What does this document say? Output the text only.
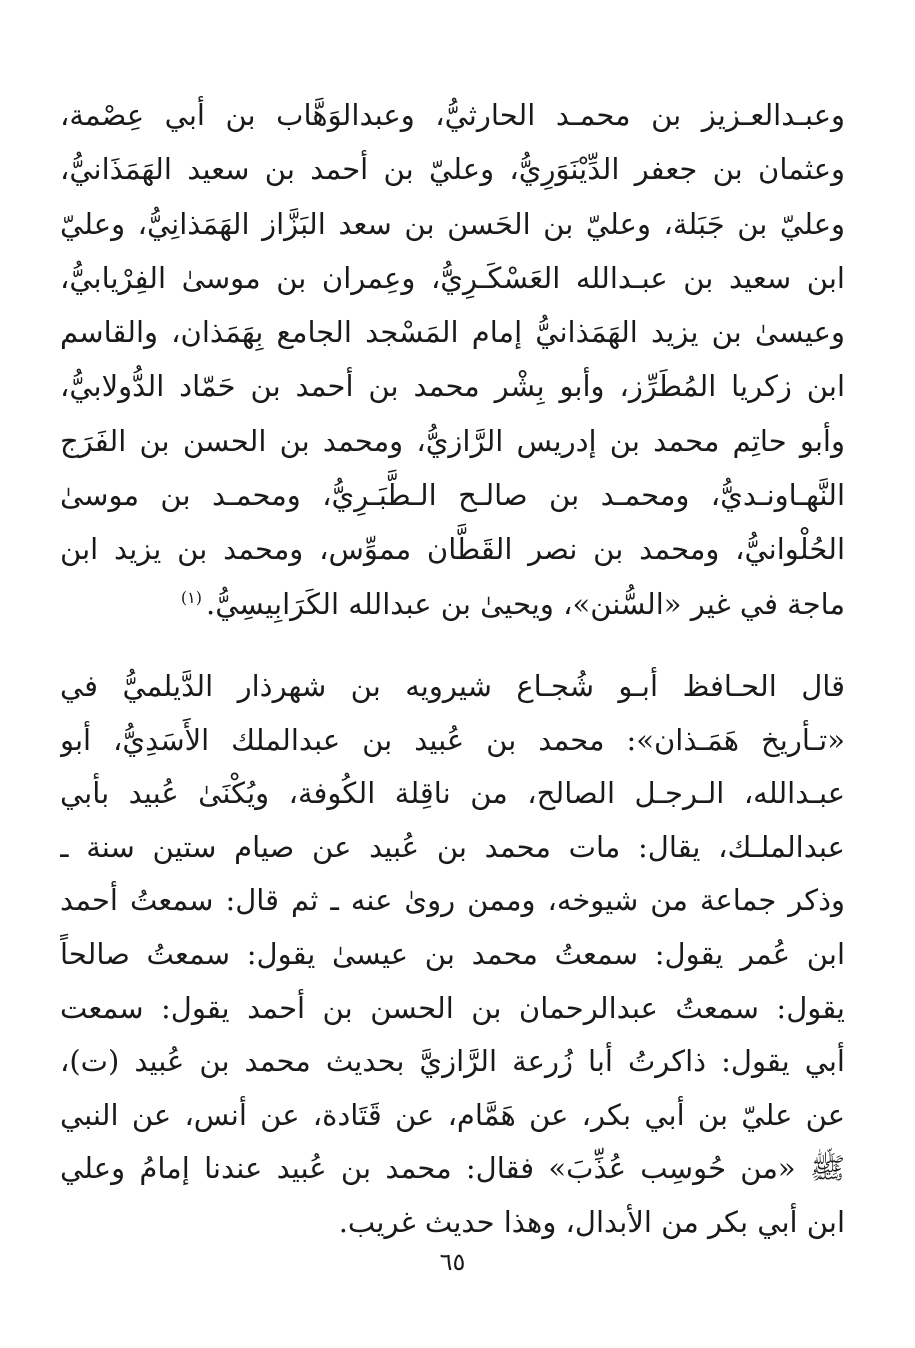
وعبـدالعـزيز بن محمـد الحارثيُّ، وعبدالوَهَّاب بن أبي عِصْمة،
وعثمان بن جعفر الدِّيْنَوَرِيُّ، وعليّ بن أحمد بن سعيد الهَمَذَانيُّ،
وعليّ بن جَبَلة، وعليّ بن الحَسن بن سعد البَزَّاز الهَمَذانِيُّ، وعليّ
ابن سعيد بن عبـدالله العَسْكَـرِيُّ، وعِمران بن موسىٰ الفِرْيابيُّ،
وعيسىٰ بن يزيد الهَمَذانيُّ إمام المَسْجد الجامع بِهَمَذان، والقاسم
ابن زكريا المُطَرِّز، وأبو بِشْر محمد بن أحمد بن حَمّاد الدُّولابيُّ،
وأبو حاتِم محمد بن إدريس الرَّازيُّ، ومحمد بن الحسن بن الفَرَج
النَّهـاونـديُّ، ومحمـد بن صالـح الـطَّبَـرِيُّ، ومحمـد بن موسىٰ
الحُلْوانيُّ، ومحمد بن نصر القَطَّان مموِّس، ومحمد بن يزيد ابن
ماجة في غير «السُّنن»، ويحيىٰ بن عبدالله الكَرَابِيسِيُّ.$^{(١)}$
قال الحـافظ أبـو شُجـاع شيرويه بن شهرذار الدَّيلميُّ في
«تـأريخ هَمَـذان»: محمد بن عُبيد بن عبدالملك الأَسَدِيُّ، أبو
عبـدالله، الـرجـل الصالح، من ناقِلة الكُوفة، ويُكْنَىٰ عُبيد بأبي
عبدالملـك، يقال: مات محمد بن عُبيد عن صيام ستين سنة ـ
وذكر جماعة من شيوخه، وممن روىٰ عنه ـ ثم قال: سمعتُ أحمد
ابن عُمر يقول: سمعتُ محمد بن عيسىٰ يقول: سمعتُ صالحاً
يقول: سمعتُ عبدالرحمان بن الحسن بن أحمد يقول: سمعت
أبي يقول: ذاكرتُ أبا زُرعة الرَّازيَّ بحديث محمد بن عُبيد (ت)،
عن عليّ بن أبي بكر، عن هَمَّام، عن قَتَادة، عن أنس، عن النبي
ﷺ «من حُوسِب عُذِّبَ» فقال: محمد بن عُبيد عندنا إمامُ وعلي
ابن أبي بكر من الأبدال، وهذا حديث غريب.
٦٥
